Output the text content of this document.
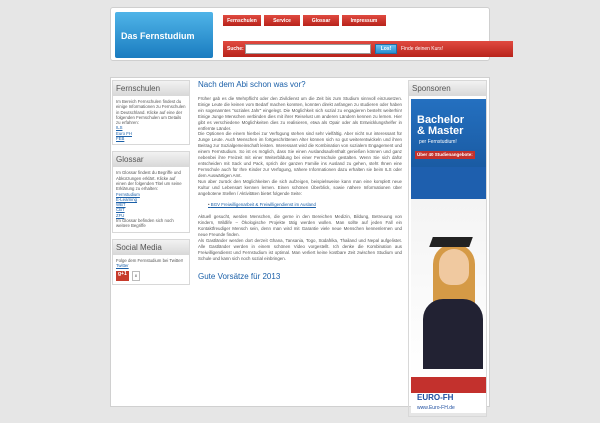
Das Fernstudium
Fernschulen	Service	Glossar	Impressum
Suche:	Los!	Finde deinen Kurs!
Fernschulen
Im Bereich Fernschulen findest du einige Informationen zu Fernschulen in Deutschland. Klicke auf eine der folgenden Fernschulen um Details zu erfahren:
ILS
Euro FH
FEB
Glossar
Im Glossar findest du Begriffe und Abkürzungen erklärt. Klicke auf einen der folgenden Titel um seine Erklärung zu erhalten:
Fernstudium
E-Learning
WBT
CBT
ZFU
Im Glossar befinden sich noch weitere Begriffe
Social Media
Folge dem Fernstudium bei Twitter!
Twitter
g+1	8
Nach dem Abi schon was vor?

Früher gab es die Wehrpflicht oder den Zivildienst um die Zeit bis zum Studium sinnvoll einzusetzen. Einige Leute die keinen vom Bedarf machen konnten, konnten direkt anfangen zu studieren oder haben ein sogenanntes "soziales Jahr" eingelegt. Die Möglichkeit sich sozial zu engagieren besteht weiterhin! Einige Junge Menschen verbinden dies mit ihrer Reiselust um anderen Ländern kennen zu lernen. Hier gibt es verschiedene Möglichkeiten dies zu realisieren, etwa als Opair oder als Entwicklungshelfer in entfernte Länder.

Die Optionen die einem hierbei zur Verfügung stehen sind sehr vielfältig. Aber nicht nur interessant für Junge Leute. Auch Menschen im fortgeschrittenen Alter können sich so gut weiterentwickeln und ihren Beitrag zur Sozialgemeinschaft leisten. Interessant wird die Kombination von sozialem Engagement und einem Fernstudium. So ist es möglich, dass Sie einen Auslandsaufenthalt genießen können und ganz nebenbei ihre Freizeit mit einer Weiterbildung bei einer Fernschule gestalten. Wenn Sie sich dafür entscheiden mit Sack und Pack, sprich der ganzen Familie ins Ausland zu gehen, steht Ihnen eine Fernschule auch für Ihre Kinder zur Verfügung, nähere Informationen dazu erhalten sie beim ILS oder dem Auswärtigen Amt.

Nun aber zurück den Möglichkeiten die sich aufzeigen, beispielsweise kann man eine komplett neue Kultur und Lebensart kennen lernen. Einen schönen Überblick, sowie nähere Informationen über angebotene Stellen / Aktivitäten bietet folgende Seite:

• BGV Freiwilligenarbeit & Freiwilligendienst im Ausland

Aktuell gesucht, werden Menschen, die gerne in den Bereichen Medizin, Bildung, Betreuung von Kindern, Wildlife – Ökologische Projekte tätig werden wollen. Man sollte auf jeden Fall ein Kontaktfreudiger Mensch sein, denn man wird mit Garantie viele neue Menschen kennenlernen und neue Freunde finden.

Als Gastländer werden dort derzeit Ghana, Tansania, Togo, Südafrika, Thailand und Nepal aufgelistet. Alle Gastländer werden in einem schönen Video vorgestellt. Ich denke die Kombination aus Freiwilligendienst und Fernstudium ist optimal. Man verliert keine kostbare Zeit zwischen Studium und Schule und kann sich noch sozial einbringen.

Gute Vorsätze für 2013
Sponsoren
Bachelor
& Master
per Fernstudium!
Über 40 Studienangebote:
EURO-FH
www.Euro-FH.de
